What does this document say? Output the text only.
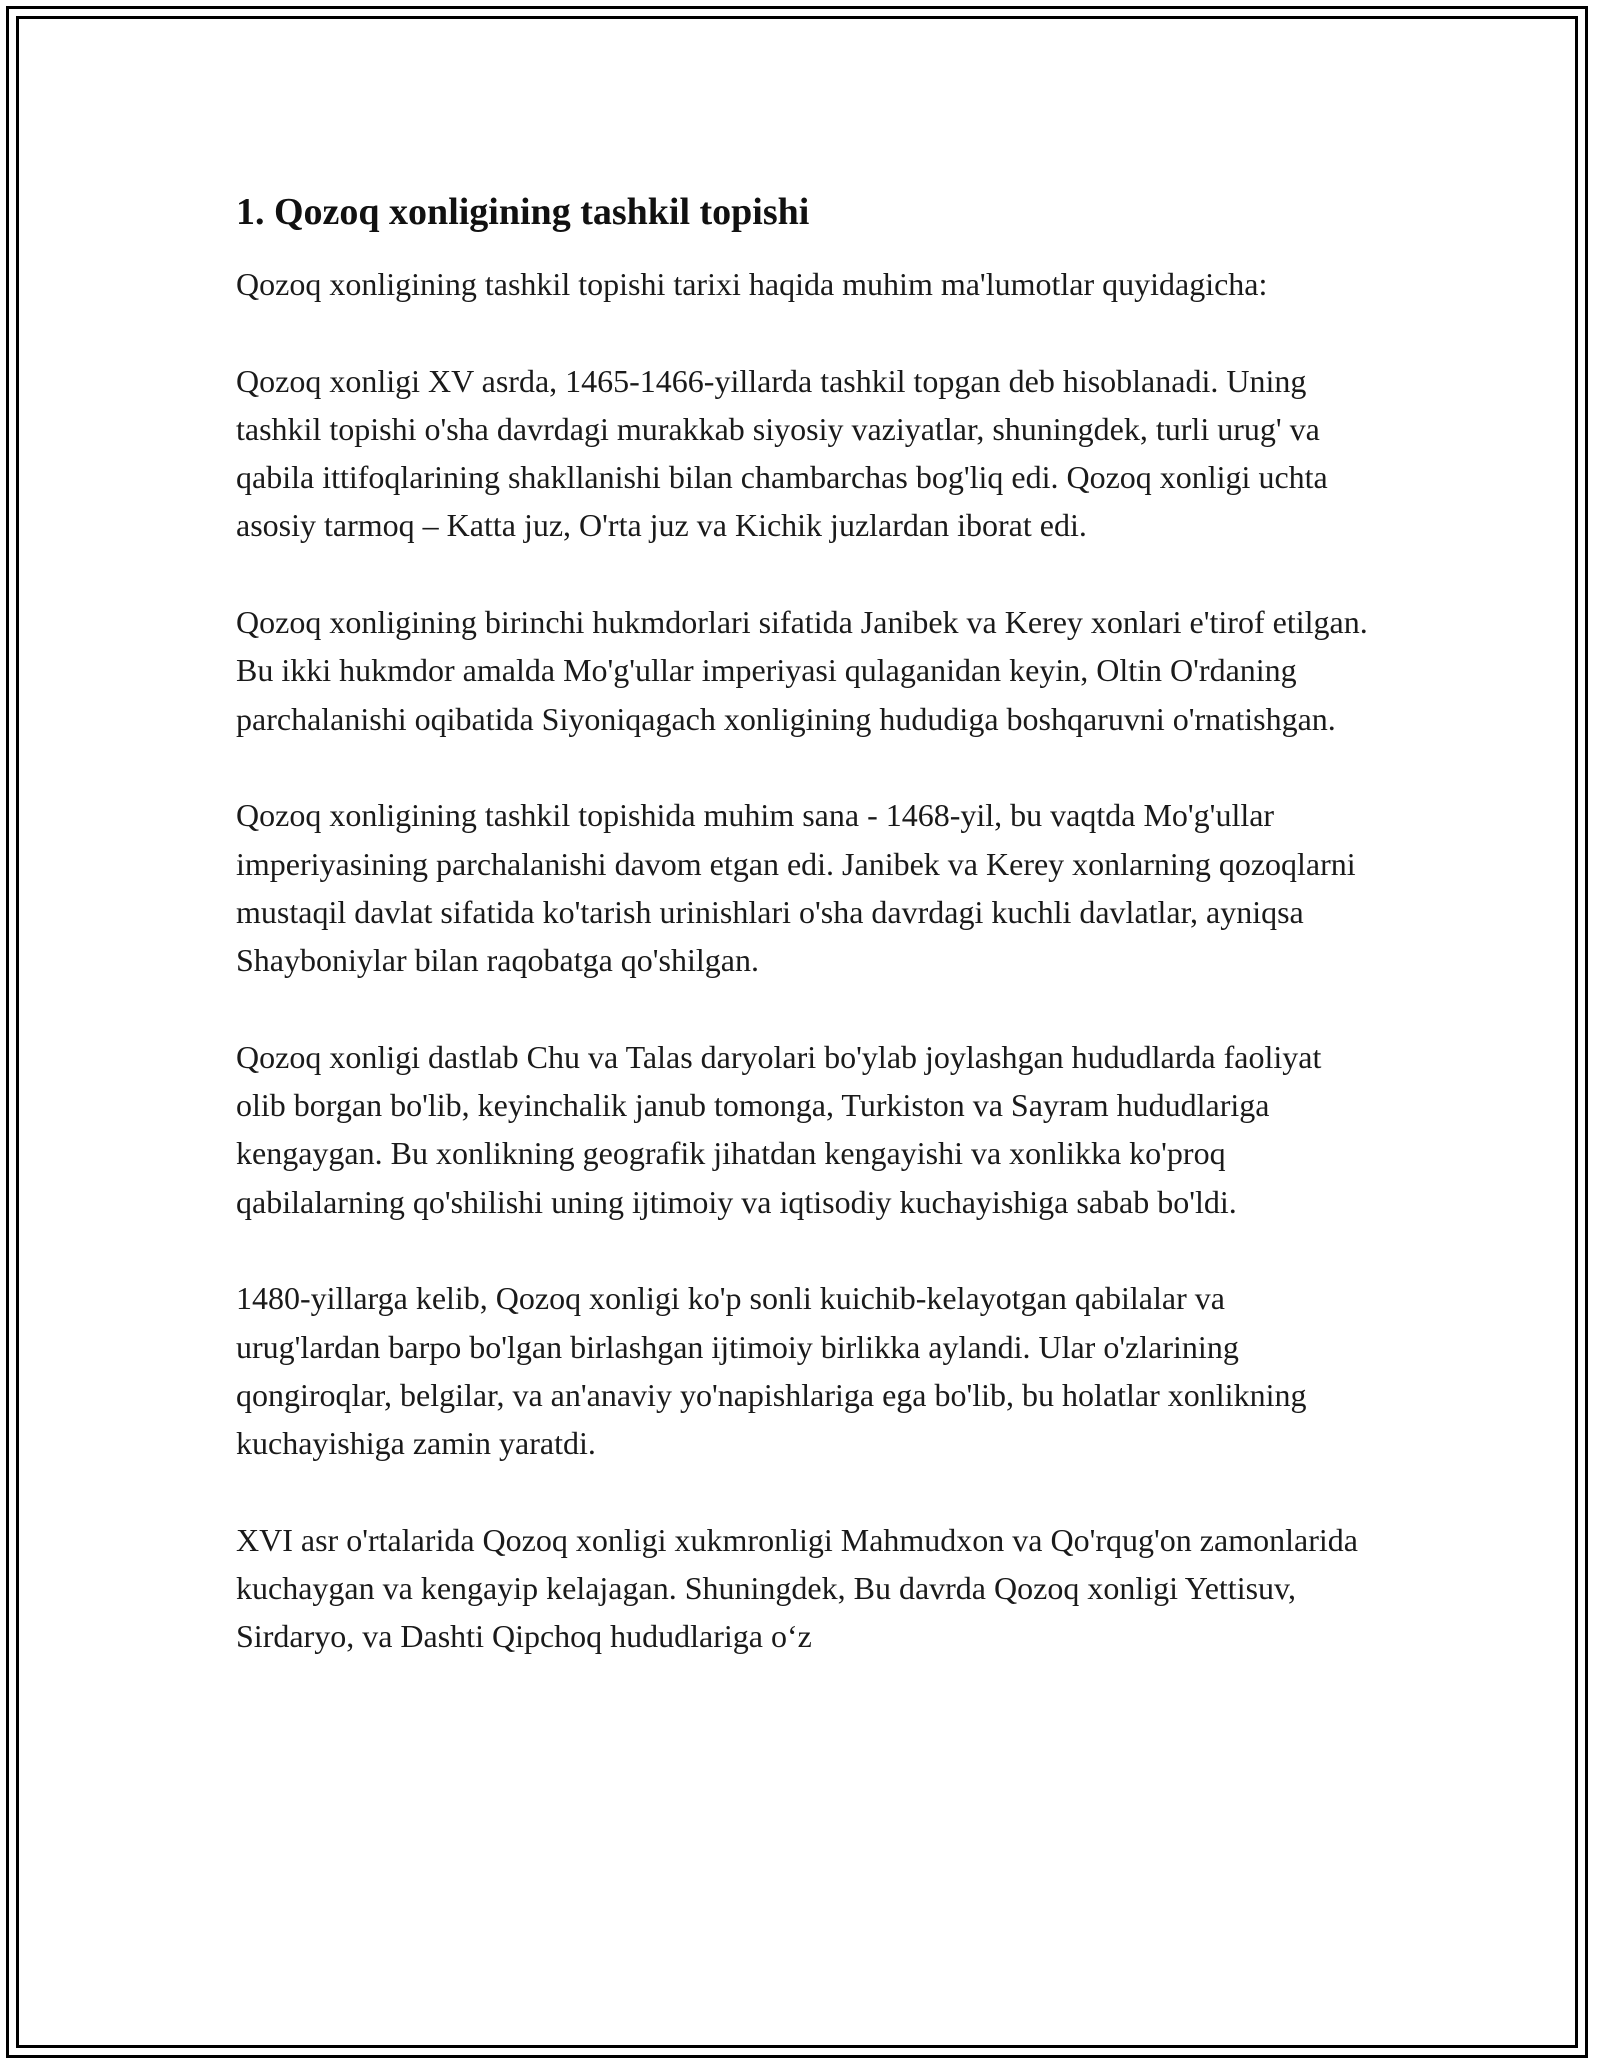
1. Qozoq xonligining tashkil topishi

Qozoq xonligining tashkil topishi tarixi haqida muhim ma'lumotlar quyidagicha:

Qozoq xonligi XV asrda, 1465-1466-yillarda tashkil topgan deb hisoblanadi. Uning tashkil topishi o'sha davrdagi murakkab siyosiy vaziyatlar, shuningdek, turli urug' va qabila ittifoqlarining shakllanishi bilan chambarchas bog'liq edi. Qozoq xonligi uchta asosiy tarmoq – Katta juz, O'rta juz va Kichik juzlardan iborat edi.

Qozoq xonligining birinchi hukmdorlari sifatida Janibek va Kerey xonlari e'tirof etilgan. Bu ikki hukmdor amalda Mo'g'ullar imperiyasi qulaganidan keyin, Oltin O'rdaning parchalanishi oqibatida Siyoniqagach xonligining hududiga boshqaruvni o'rnatishgan.

Qozoq xonligining tashkil topishida muhim sana - 1468-yil, bu vaqtda Mo'g'ullar imperiyasining parchalanishi davom etgan edi. Janibek va Kerey xonlarning qozoqlarni mustaqil davlat sifatida ko'tarish urinishlari o'sha davrdagi kuchli davlatlar, ayniqsa Shayboniylar bilan raqobatga qo'shilgan.

Qozoq xonligi dastlab Chu va Talas daryolari bo'ylab joylashgan hududlarda faoliyat olib borgan bo'lib, keyinchalik janub tomonga, Turkiston va Sayram hududlariga kengaygan. Bu xonlikning geografik jihatdan kengayishi va xonlikka ko'proq qabilalarning qo'shilishi uning ijtimoiy va iqtisodiy kuchayishiga sabab bo'ldi.

1480-yillarga kelib, Qozoq xonligi ko'p sonli kuichib-kelayotgan qabilalar va urug'lardan barpo bo'lgan birlashgan ijtimoiy birlikka aylandi. Ular o'zlarining qongiroqlar, belgilar, va an'anaviy yo'napishlariga ega bo'lib, bu holatlar xonlikning kuchayishiga zamin yaratdi.

XVI asr o'rtalarida Qozoq xonligi xukmronligi Mahmudxon va Qo'rqug'on zamonlarida kuchaygan va kengayip kelajagan. Shuningdek, Bu davrda Qozoq xonligi Yettisuv, Sirdaryo, va Dashti Qipchoq hududlariga o‘z
